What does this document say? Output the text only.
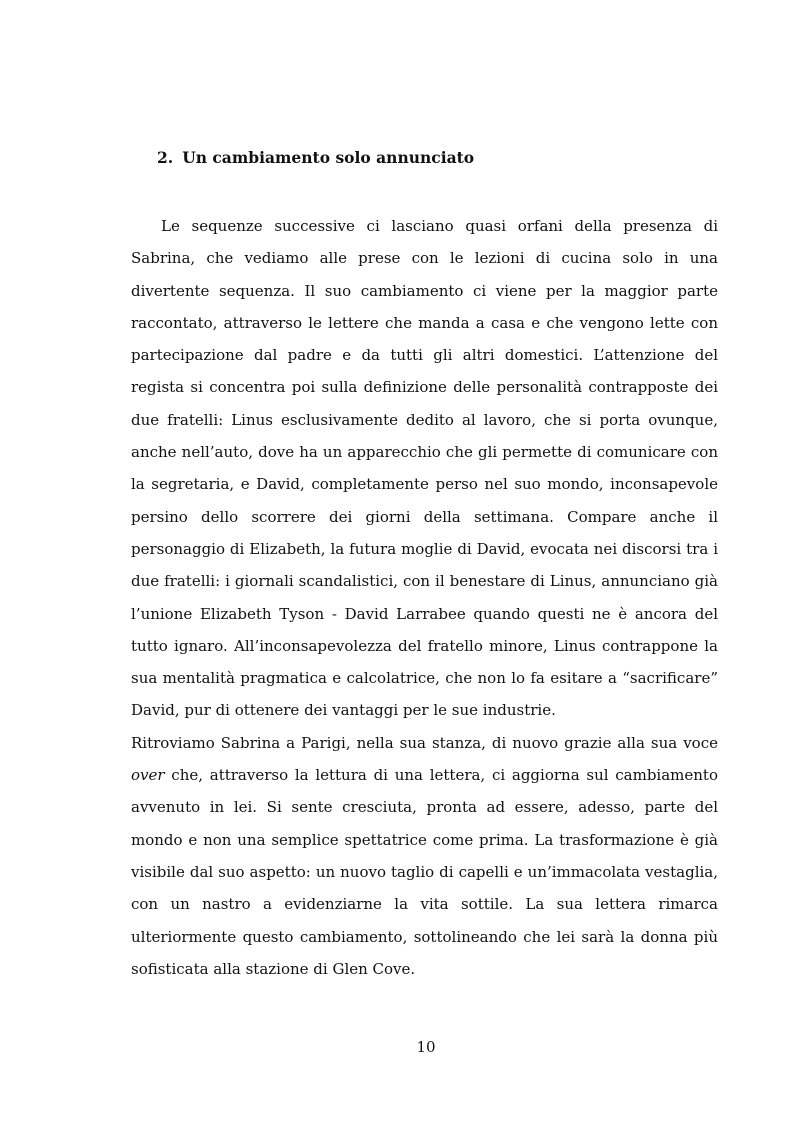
2. Un cambiamento solo annunciato

Le sequenze successive ci lasciano quasi orfani della presenza di Sabrina, che vediamo alle prese con le lezioni di cucina solo in una divertente sequenza. Il suo cambiamento ci viene per la maggior parte raccontato, attraverso le lettere che manda a casa e che vengono lette con partecipazione dal padre e da tutti gli altri domestici. L’attenzione del regista si concentra poi sulla definizione delle personalità contrapposte dei due fratelli: Linus esclusivamente dedito al lavoro, che si porta ovunque, anche nell’auto, dove ha un apparecchio che gli permette di comunicare con la segretaria, e David, completamente perso nel suo mondo, inconsapevole persino dello scorrere dei giorni della settimana. Compare anche il personaggio di Elizabeth, la futura moglie di David, evocata nei discorsi tra i due fratelli: i giornali scandalistici, con il benestare di Linus, annunciano già l’unione Elizabeth Tyson - David Larrabee quando questi ne è ancora del tutto ignaro. All’inconsapevolezza del fratello minore, Linus contrappone la sua mentalità pragmatica e calcolatrice, che non lo fa esitare a “sacrificare” David, pur di ottenere dei vantaggi per le sue industrie.

Ritroviamo Sabrina a Parigi, nella sua stanza, di nuovo grazie alla sua voce over che, attraverso la lettura di una lettera, ci aggiorna sul cambiamento avvenuto in lei. Si sente cresciuta, pronta ad essere, adesso, parte del mondo e non una semplice spettatrice come prima. La trasformazione è già visibile dal suo aspetto: un nuovo taglio di capelli e un’immacolata vestaglia, con un nastro a evidenziarne la vita sottile. La sua lettera rimarca ulteriormente questo cambiamento, sottolineando che lei sarà la donna più sofisticata alla stazione di Glen Cove.

10
